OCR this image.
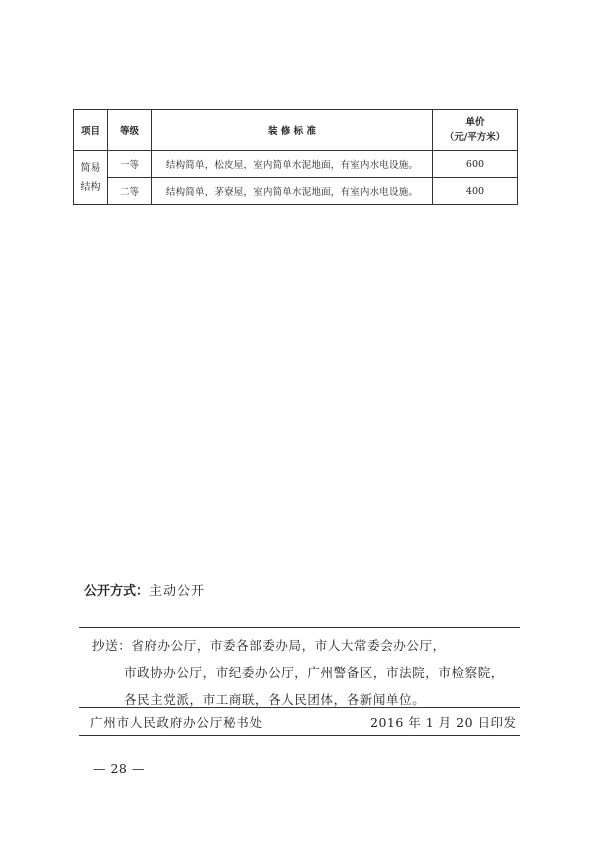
项目	等级	装 修 标 准	单价
（元/平方米）

简易
结构	一等	结构简单，松皮屋，室内简单水泥地面，有室内水电设施。	600
	二等	结构简单，茅寮屋，室内简单水泥地面，有室内水电设施。	400
公开方式：主动公开
抄送：省府办公厅，市委各部委办局，市人大常委会办公厅，
市政协办公厅，市纪委办公厅，广州警备区，市法院，市检察院，
各民主党派，市工商联，各人民团体，各新闻单位。
广州市人民政府办公厅秘书处	2016 年 1 月 20 日印发
— 28 —
